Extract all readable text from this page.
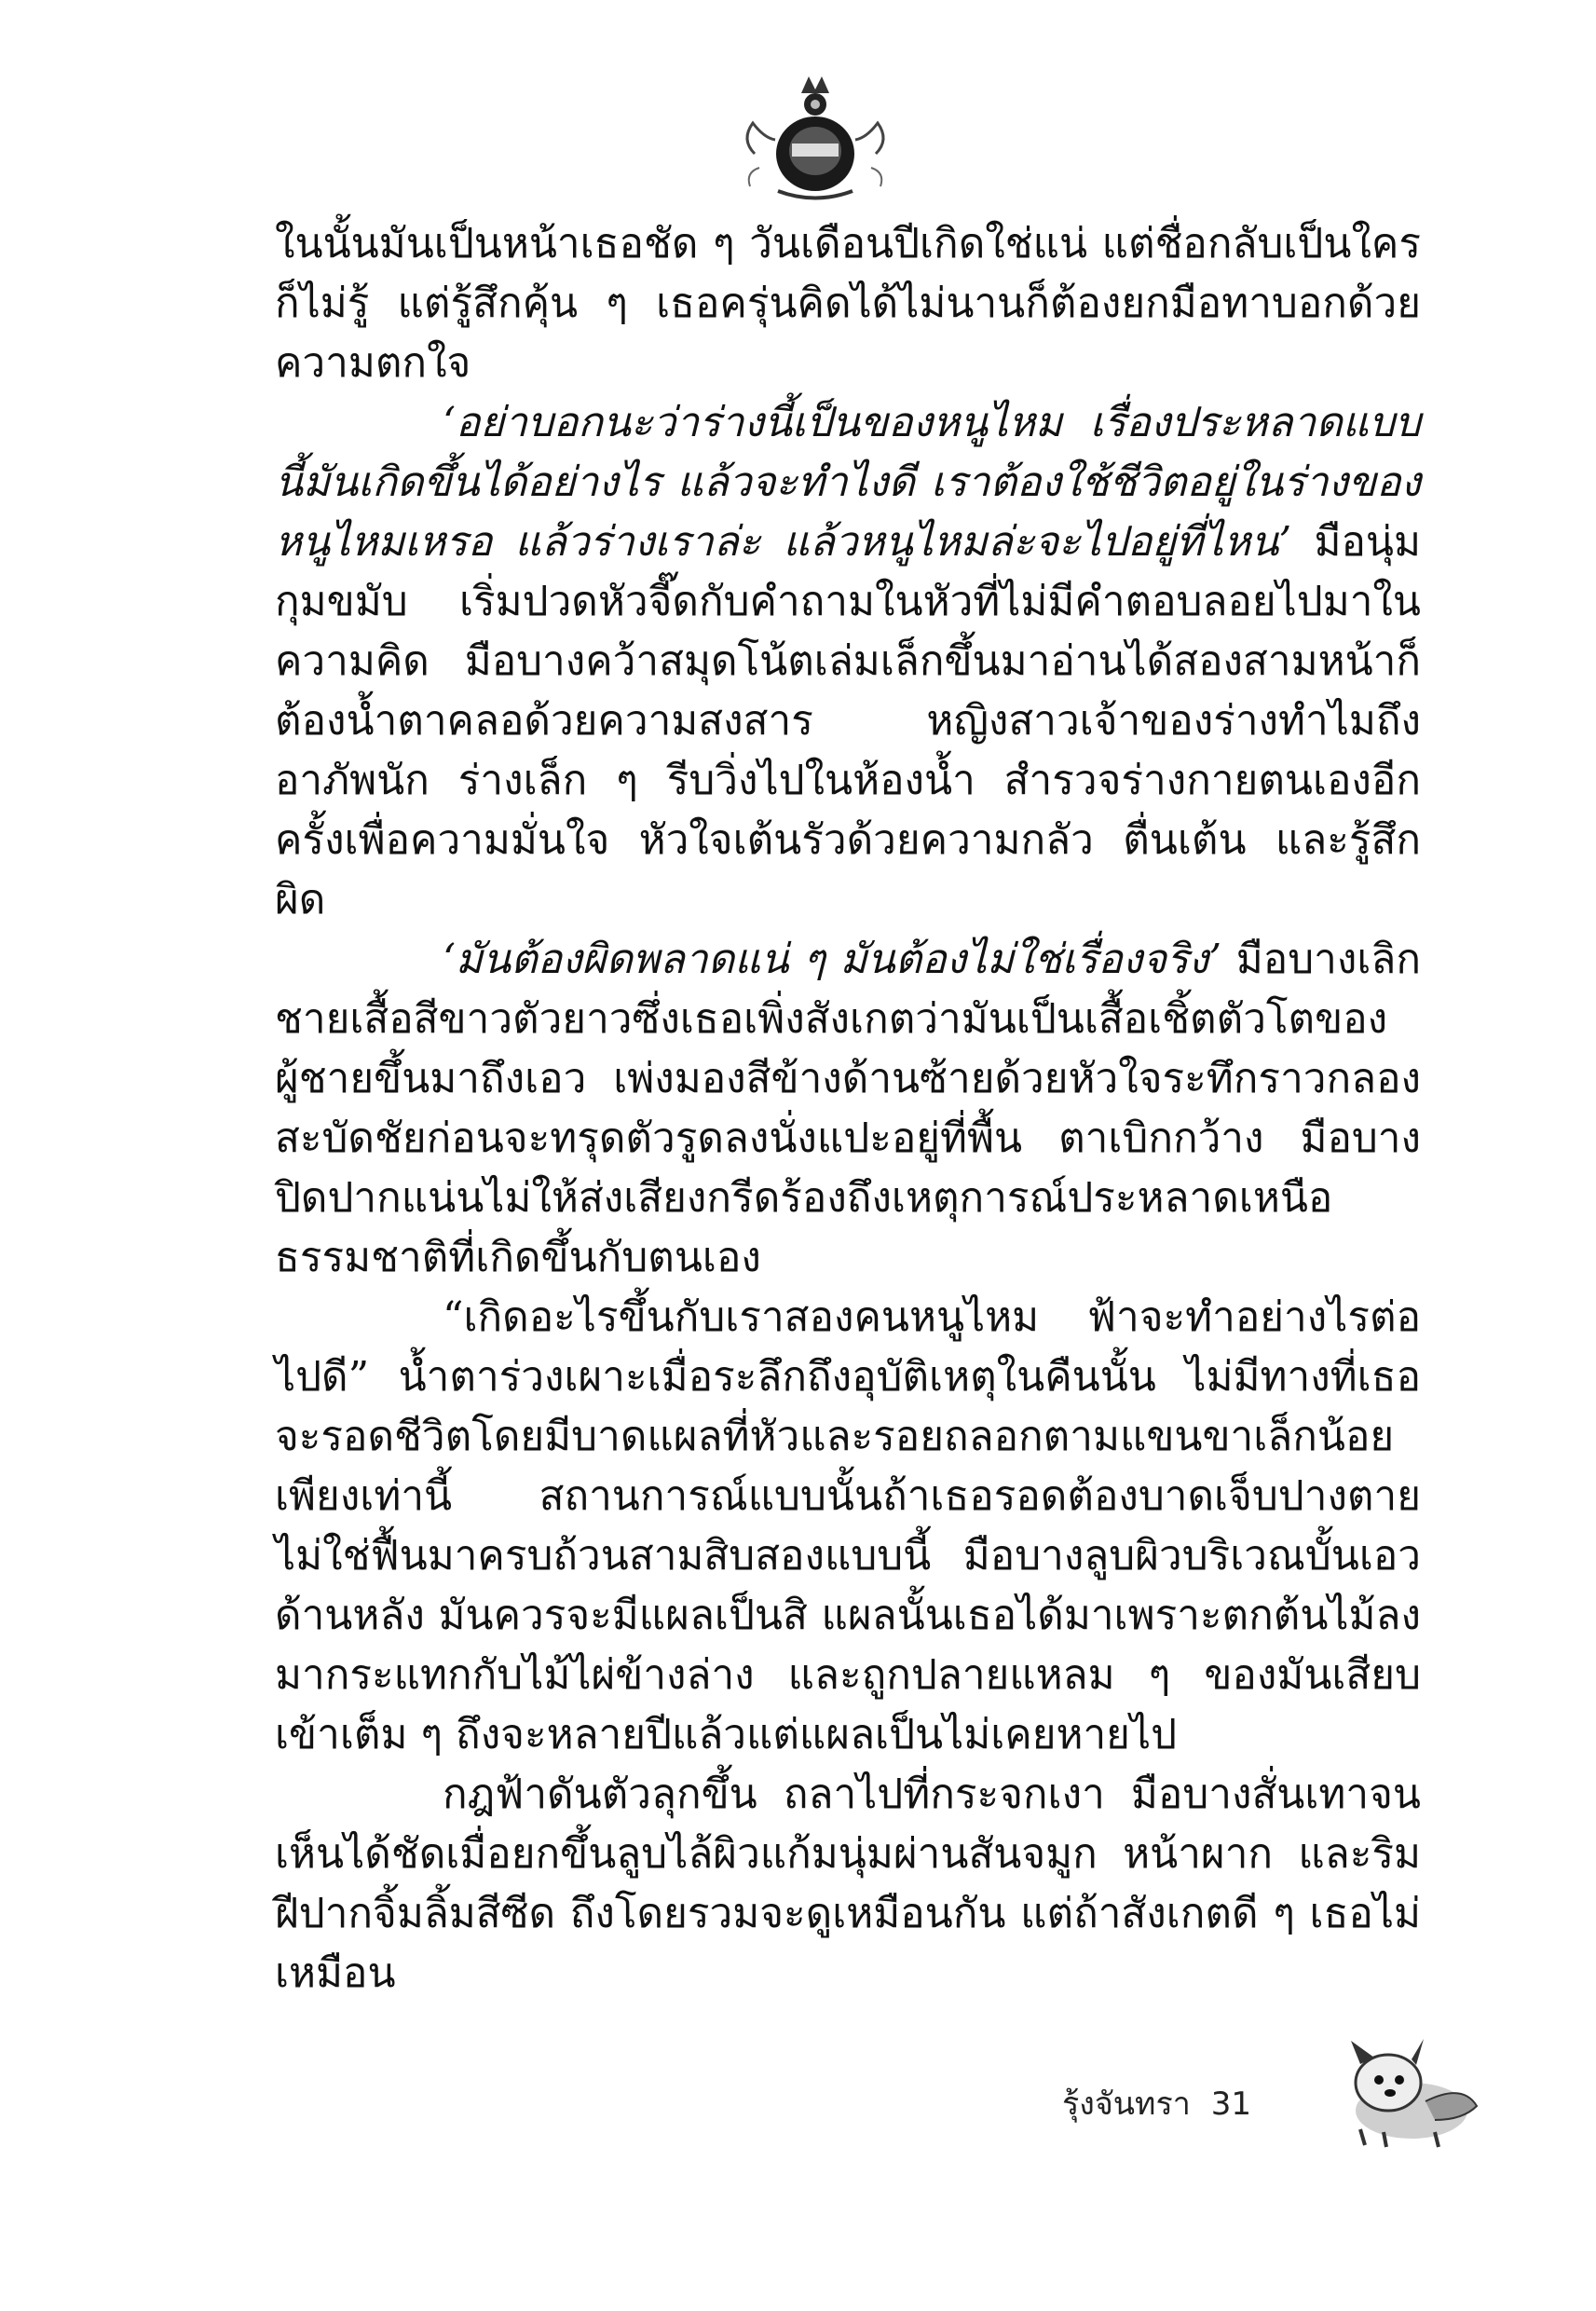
ในนั้นมันเป็นหน้าเธอชัด ๆ วันเดือนปีเกิดใช่แน่ แต่ชื่อกลับเป็นใครก็ไม่รู้ แต่รู้สึกคุ้น ๆ เธอครุ่นคิดได้ไม่นานก็ต้องยกมือทาบอกด้วยความตกใจ

‘อย่าบอกนะว่าร่างนี้เป็นของหนูไหม เรื่องประหลาดแบบนี้มันเกิดขึ้นได้อย่างไร แล้วจะทำไงดี เราต้องใช้ชีวิตอยู่ในร่างของหนูไหมเหรอ แล้วร่างเราล่ะ แล้วหนูไหมล่ะจะไปอยู่ที่ไหน’ มือนุ่มกุมขมับ เริ่มปวดหัวจี๊ดกับคำถามในหัวที่ไม่มีคำตอบลอยไปมาในความคิด มือบางคว้าสมุดโน้ตเล่มเล็กขึ้นมาอ่านได้สองสามหน้าก็ต้องน้ำตาคลอด้วยความสงสาร หญิงสาวเจ้าของร่างทำไมถึงอาภัพนัก ร่างเล็ก ๆ รีบวิ่งไปในห้องน้ำ สำรวจร่างกายตนเองอีกครั้งเพื่อความมั่นใจ หัวใจเต้นรัวด้วยความกลัว ตื่นเต้น และรู้สึกผิด

‘มันต้องผิดพลาดแน่ ๆ มันต้องไม่ใช่เรื่องจริง’ มือบางเลิกชายเสื้อสีขาวตัวยาวซึ่งเธอเพิ่งสังเกตว่ามันเป็นเสื้อเชิ้ตตัวโตของผู้ชายขึ้นมาถึงเอว เพ่งมองสีข้างด้านซ้ายด้วยหัวใจระทึกราวกลองสะบัดชัยก่อนจะทรุดตัวรูดลงนั่งแปะอยู่ที่พื้น ตาเบิกกว้าง มือบางปิดปากแน่นไม่ให้ส่งเสียงกรีดร้องถึงเหตุการณ์ประหลาดเหนือธรรมชาติที่เกิดขึ้นกับตนเอง

“เกิดอะไรขึ้นกับเราสองคนหนูไหม ฟ้าจะทำอย่างไรต่อไปดี” น้ำตาร่วงเผาะเมื่อระลึกถึงอุบัติเหตุในคืนนั้น ไม่มีทางที่เธอจะรอดชีวิตโดยมีบาดแผลที่หัวและรอยถลอกตามแขนขาเล็กน้อยเพียงเท่านี้ สถานการณ์แบบนั้นถ้าเธอรอดต้องบาดเจ็บปางตาย ไม่ใช่ฟื้นมาครบถ้วนสามสิบสองแบบนี้ มือบางลูบผิวบริเวณบั้นเอวด้านหลัง มันควรจะมีแผลเป็นสิ แผลนั้นเธอได้มาเพราะตกต้นไม้ลงมากระแทกกับไม้ไผ่ข้างล่าง และถูกปลายแหลม ๆ ของมันเสียบเข้าเต็ม ๆ ถึงจะหลายปีแล้วแต่แผลเป็นไม่เคยหายไป

กฎฟ้าดันตัวลุกขึ้น ถลาไปที่กระจกเงา มือบางสั่นเทาจนเห็นได้ชัดเมื่อยกขึ้นลูบไล้ผิวแก้มนุ่มผ่านสันจมูก หน้าผาก และริมฝีปากจิ้มลิ้มสีซีด ถึงโดยรวมจะดูเหมือนกัน แต่ถ้าสังเกตดี ๆ เธอไม่เหมือน

รุ้งจันทรา 31
